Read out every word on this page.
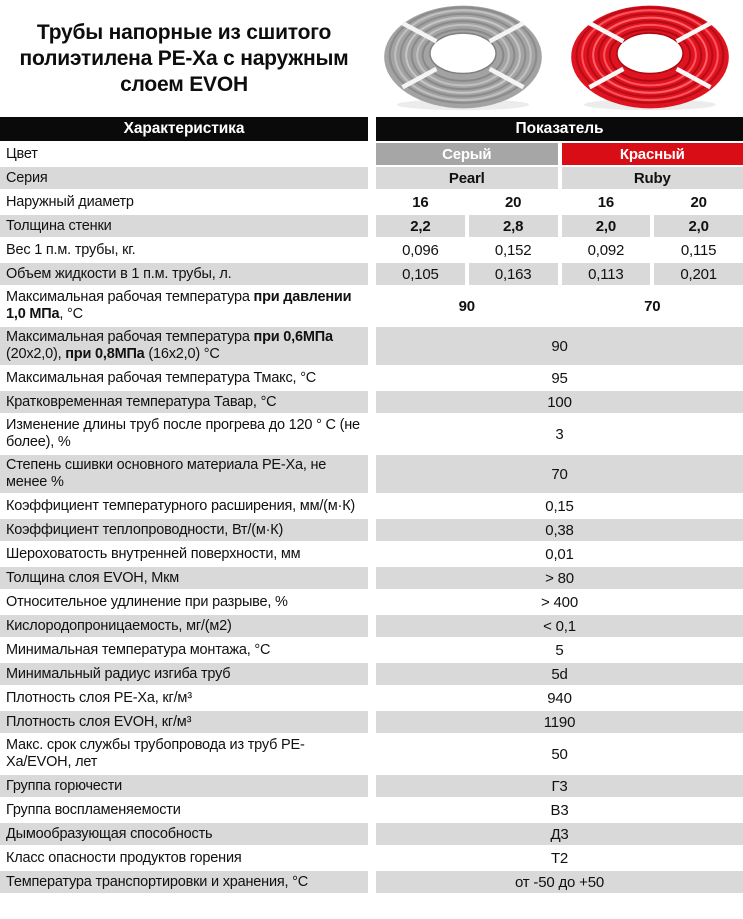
Трубы напорные из сшитого полиэтилена PE-Xa с наружным слоем EVOH
Характеристика	Показатель
Цвет	Серый	Красный
Серия	Pearl	Ruby
Наружный диаметр	16	20	16	20
Толщина стенки	2,2	2,8	2,0	2,0
Вес 1 п.м. трубы, кг.	0,096	0,152	0,092	0,115
Объем жидкости в 1 п.м. трубы, л.	0,105	0,163	0,113	0,201
Максимальная рабочая температура при давлении 1,0 МПа, °C	90	70
Максимальная рабочая температура при 0,6МПа (20x2,0), при 0,8МПа (16x2,0) °C	90
Максимальная рабочая температура Тмакс, °C	95
Кратковременная температура Тавар, °C	100
Изменение длины труб после прогрева до 120 ° C (не более), %	3
Степень сшивки основного материала PE-Xa, не менее %	70
Коэффициент температурного расширения, мм/(м·К)	0,15
Коэффициент теплопроводности, Вт/(м·К)	0,38
Шероховатость внутренней поверхности, мм	0,01
Толщина слоя EVOH, Мкм	> 80
Относительное удлинение при разрыве, %	> 400
Кислородопроницаемость, мг/(м2)	< 0,1
Минимальная температура монтажа, °C	5
Минимальный радиус изгиба труб	5d
Плотность слоя PE-Xa, кг/м³	940
Плотность слоя EVOH, кг/м³	1190
Макс. срок службы трубопровода из труб PE-Ха/EVOH, лет	50
Группа горючести	Г3
Группа воспламеняемости	В3
Дымообразующая способность	Д3
Класс опасности продуктов горения	Т2
Температура транспортировки и хранения, °C	от -50 до +50
